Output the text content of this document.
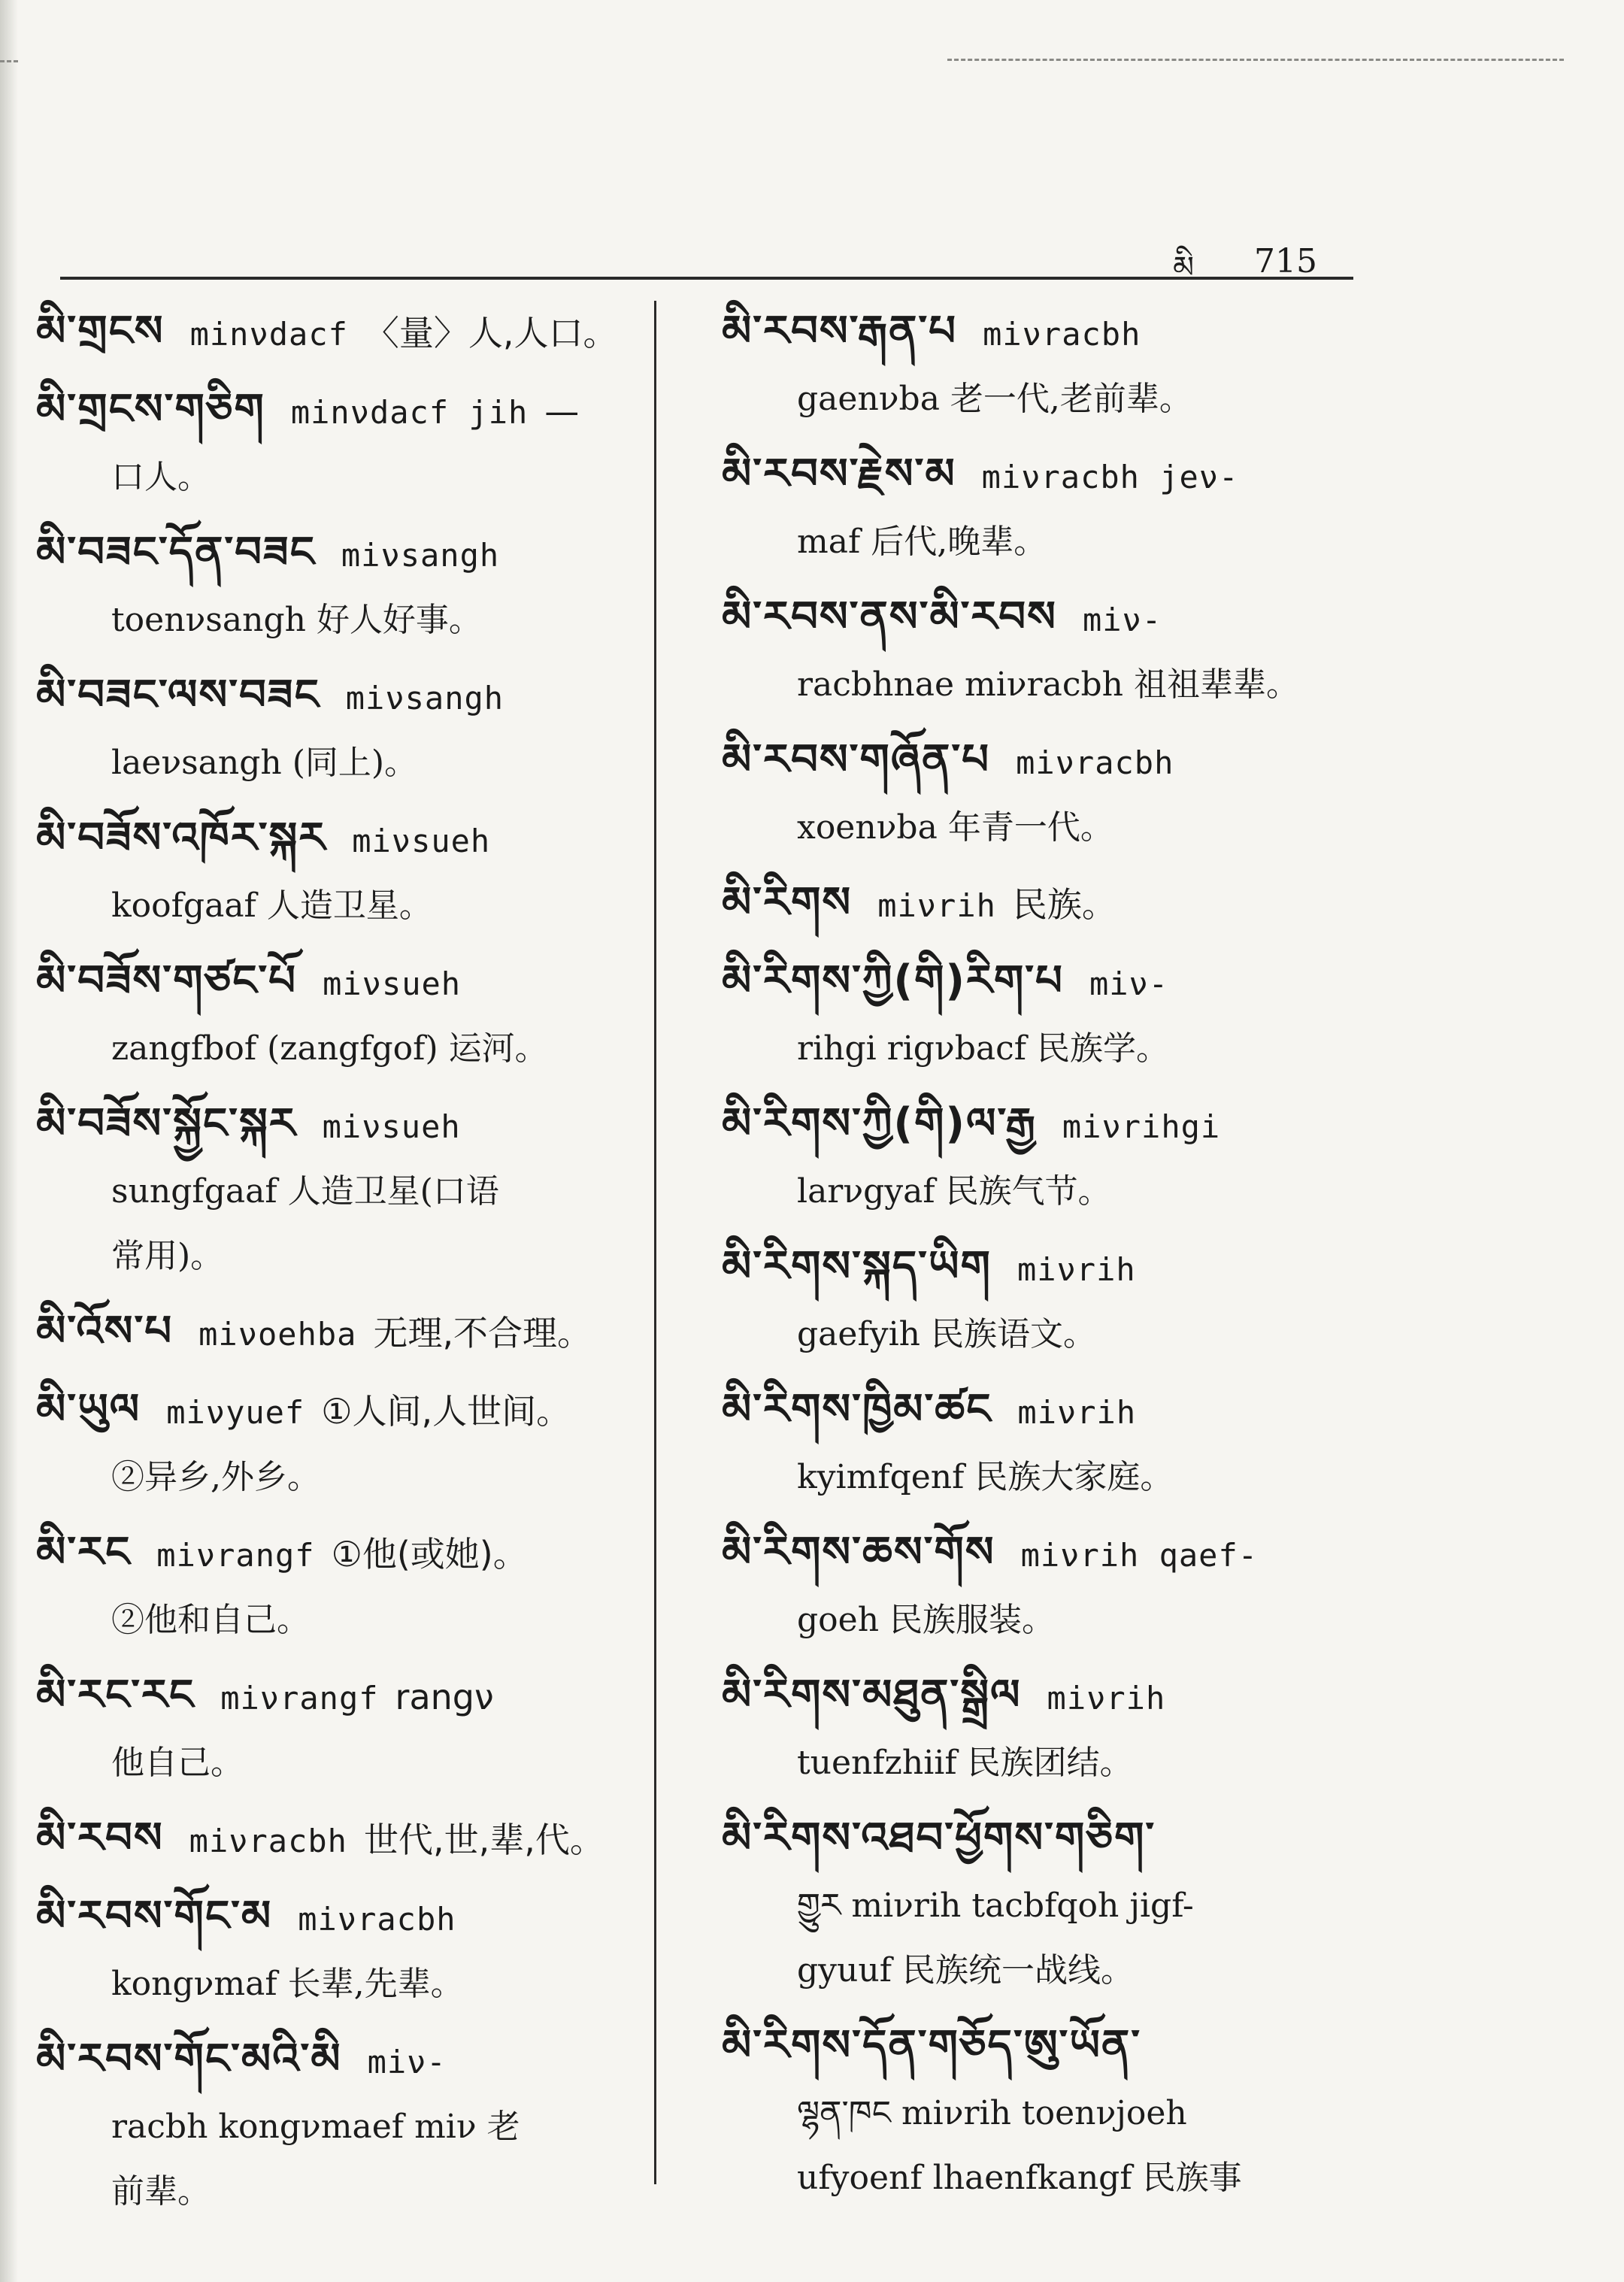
མི 715
མི་གྲངས minνdacf 〈量〉人,人口。
མི་གྲངས་གཅིག minνdacf jih —
口人。
མི་བཟང་དོན་བཟང miνsangh
toenνsangh 好人好事。
མི་བཟང་ལས་བཟང miνsangh
laeνsangh (同上)。
མི་བཟོས་འཁོར་སྐར miνsueh
koofgaaf 人造卫星。
མི་བཟོས་གཙང་པོ miνsueh
zangfbof (zangfgof) 运河。
མི་བཟོས་སྐྱོང་སྐར miνsueh
sungfgaaf 人造卫星(口语
常用)。
མི་འོས་པ miνoehba 无理,不合理。
མི་ཡུལ miνyuef ①人间,人世间。
②异乡,外乡。
མི་རང miνrangf ①他(或她)。
②他和自己。
མི་རང་རང miνrangf rangν
他自己。
མི་རབས miνracbh 世代,世,辈,代。
མི་རབས་གོང་མ miνracbh
kongνmaf 长辈,先辈。
མི་རབས་གོང་མའི་མི miν-
racbh kongνmaef miν 老
前辈。
མི་རབས་རྒན་པ miνracbh
gaenνba 老一代,老前辈。
མི་རབས་རྗེས་མ miνracbh jeν-
maf 后代,晚辈。
མི་རབས་ནས་མི་རབས miν-
racbhnae miνracbh 祖祖辈辈。
མི་རབས་གཞོན་པ miνracbh
xoenνba 年青一代。
མི་རིགས miνrih 民族。
མི་རིགས་ཀྱི(གི)རིག་པ miν-
rihgi rigνbacf 民族学。
མི་རིགས་ཀྱི(གི)ལ་རྒྱ miνrihgi
larνgyaf 民族气节。
མི་རིགས་སྐད་ཡིག miνrih
gaefyih 民族语文。
མི་རིགས་ཁྱིམ་ཚང miνrih
kyimfqenf 民族大家庭。
མི་རིགས་ཆས་གོས miνrih qaef-
goeh 民族服装。
མི་རིགས་མཐུན་སྒྲིལ miνrih
tuenfzhiif 民族团结。
མི་རིགས་འཐབ་ཕྱོགས་གཅིག་
གྱུར miνrih tacbfqoh jigf-
gyuuf 民族统一战线。
མི་རིགས་དོན་གཅོད་ཨུ་ཡོན་
ལྷན་ཁང miνrih toenνjoeh
ufyoenf lhaenfkangf 民族事
